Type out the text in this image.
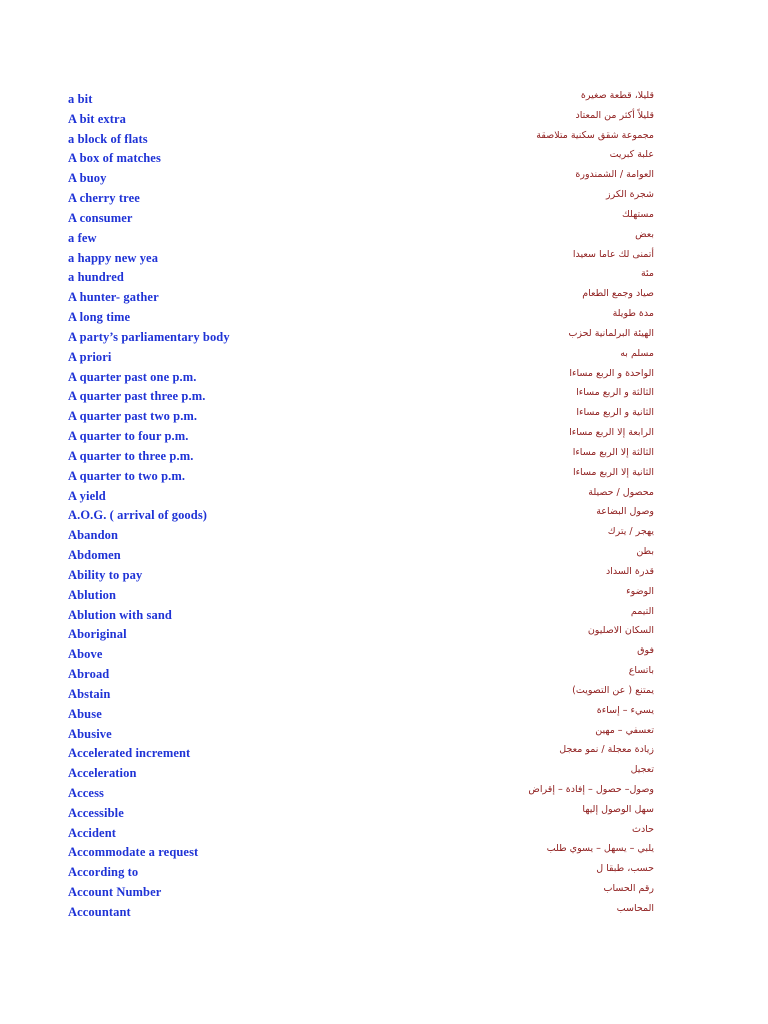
a bit	قليلا، قطعة صغيرة
A bit extra	قليلاً أكثر من المعتاد
a block of flats	مجموعة شقق سكنية متلاصقة
A box of matches	علبة كبريت
A buoy	العوامة / الشمندورة
A cherry tree	شجرة الكرز
A consumer	مستهلك
a few	بعض
a happy new yea	أتمنى لك عاما سعيدا
a hundred	مئة
A hunter- gather	صياد وجمع الطعام
A long time	مدة طويلة
A party’s parliamentary body	الهيئة البرلمانية لحزب
A priori	مسلم به
A quarter past one p.m.	الواحدة و الربع مساءا
A quarter past three p.m.	الثالثة و الربع مساءا
A quarter past two p.m.	الثانية و الربع مساءا
A quarter to four p.m.	الرابعة إلا الربع مساءا
A quarter to three p.m.	الثالثة إلا الربع مساءا
A quarter to two p.m.	الثانية إلا الربع مساءا
A yield	محصول / حصيلة
A.O.G. ( arrival of goods)	وصول البضاعة
Abandon	يهجر / يترك
Abdomen	بطن
Ability to pay	قدرة السداد
Ablution	الوضوء
Ablution with sand	التيمم
Aboriginal	السكان الاصليون
Above	فوق
Abroad	باتساع
Abstain	يمتنع ( عن التصويت)
Abuse	يسيء – إساءة
Abusive	تعسفي – مهين
Accelerated increment	زيادة معجلة / نمو معجل
Acceleration	تعجيل
Access	وصول– حصول – إفادة – إقراض
Accessible	سهل الوصول إليها
Accident	حادث
Accommodate a request	يلبي – يسهل – يسوي طلب
According to	حسب، طبقا ل
Account Number	رقم الحساب
Accountant	المحاسب
